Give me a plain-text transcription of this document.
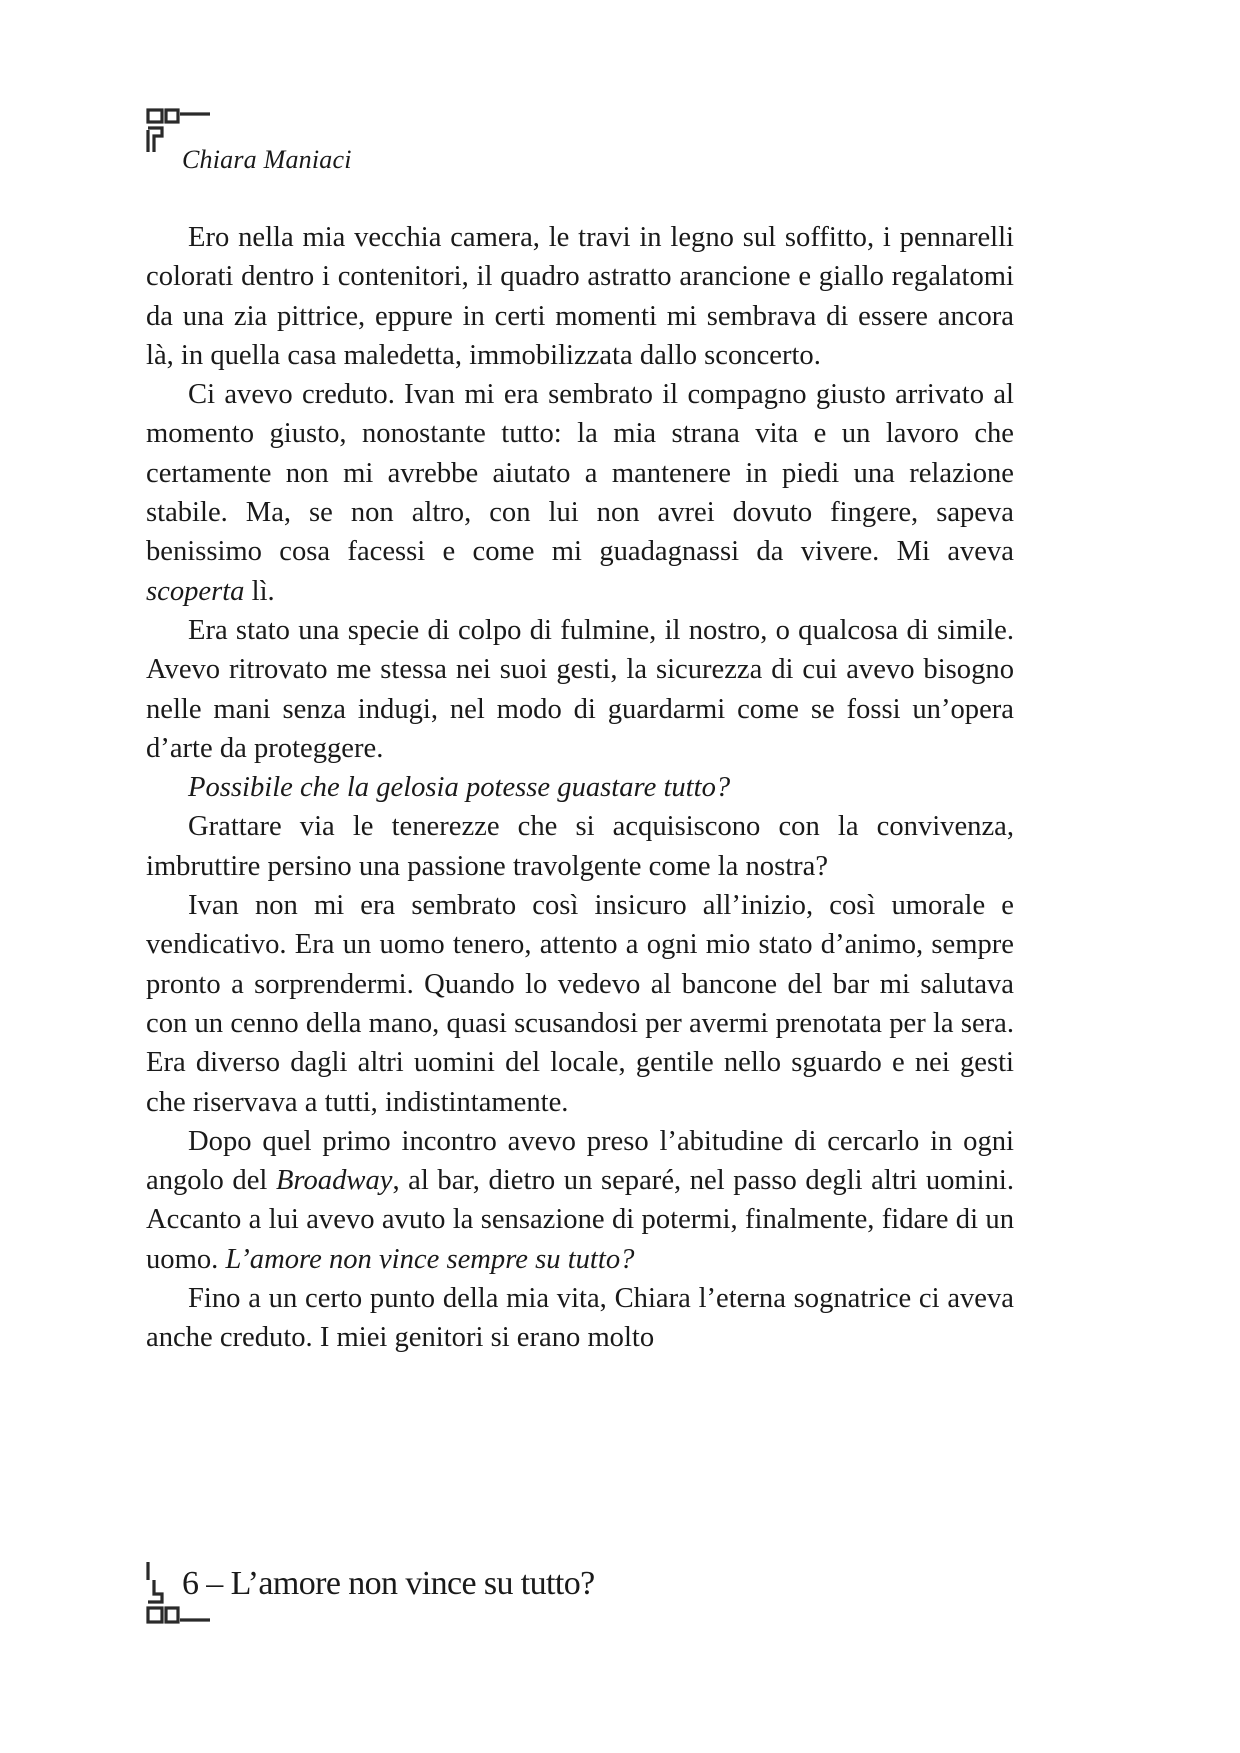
Chiara Maniaci

Ero nella mia vecchia camera, le travi in legno sul soffitto, i pennarelli colorati dentro i contenitori, il quadro astratto arancione e giallo regalatomi da una zia pittrice, eppure in certi momenti mi sembrava di essere ancora là, in quella casa maledetta, immobilizzata dallo sconcerto.

Ci avevo creduto. Ivan mi era sembrato il compagno giusto arrivato al momento giusto, nonostante tutto: la mia strana vita e un lavoro che certamente non mi avrebbe aiutato a mantenere in piedi una relazione stabile. Ma, se non altro, con lui non avrei dovuto fingere, sapeva benissimo cosa facessi e come mi guadagnassi da vivere. Mi aveva scoperta lì.

Era stato una specie di colpo di fulmine, il nostro, o qualcosa di simile. Avevo ritrovato me stessa nei suoi gesti, la sicurezza di cui avevo bisogno nelle mani senza indugi, nel modo di guardarmi come se fossi un’opera d’arte da proteggere.

Possibile che la gelosia potesse guastare tutto?

Grattare via le tenerezze che si acquisiscono con la convivenza, imbruttire persino una passione travolgente come la nostra?

Ivan non mi era sembrato così insicuro all’inizio, così umorale e vendicativo. Era un uomo tenero, attento a ogni mio stato d’animo, sempre pronto a sorprendermi. Quando lo vedevo al bancone del bar mi salutava con un cenno della mano, quasi scusandosi per avermi prenotata per la sera. Era diverso dagli altri uomini del locale, gentile nello sguardo e nei gesti che riservava a tutti, indistintamente.

Dopo quel primo incontro avevo preso l’abitudine di cercarlo in ogni angolo del Broadway, al bar, dietro un separé, nel passo degli altri uomini. Accanto a lui avevo avuto la sensazione di potermi, finalmente, fidare di un uomo. L’amore non vince sempre su tutto?

Fino a un certo punto della mia vita, Chiara l’eterna sognatrice ci aveva anche creduto. I miei genitori si erano molto

6 – L’amore non vince su tutto?
